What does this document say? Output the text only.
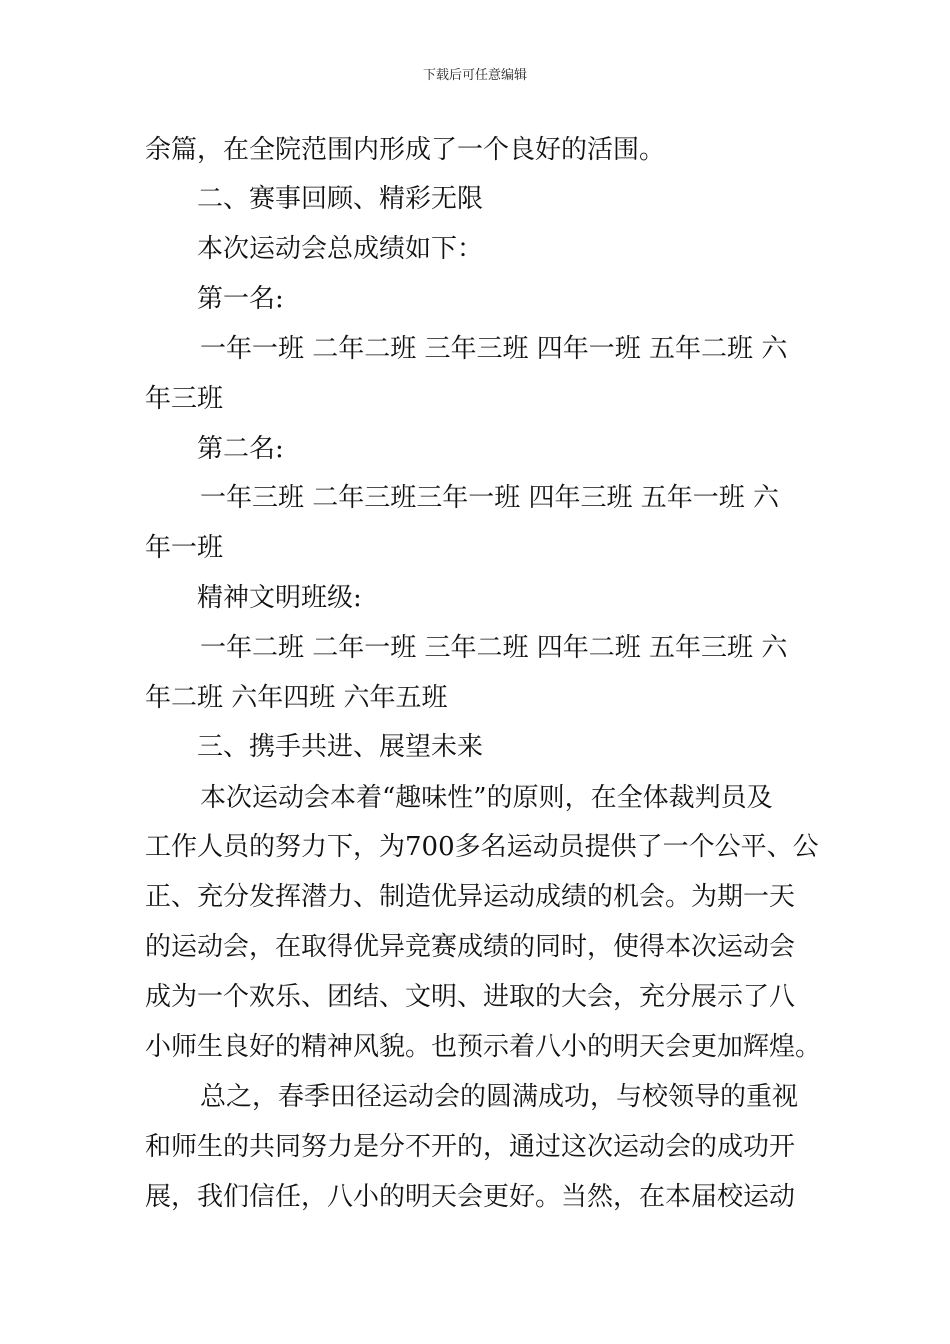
下载后可任意编辑
余篇，在全院范围内形成了一个良好的活围。
二、赛事回顾、精彩无限
本次运动会总成绩如下：
第一名:
一年一班 二年二班 三年三班 四年一班 五年二班 六
年三班
第二名:
一年三班 二年三班三年一班 四年三班 五年一班 六
年一班
精神文明班级:
一年二班 二年一班 三年二班 四年二班 五年三班 六
年二班 六年四班 六年五班
三、携手共进、展望未来
本次运动会本着“趣味性”的原则，在全体裁判员及
工作人员的努力下，为700多名运动员提供了一个公平、公
正、充分发挥潜力、制造优异运动成绩的机会。为期一天
的运动会，在取得优异竞赛成绩的同时，使得本次运动会
成为一个欢乐、团结、文明、进取的大会，充分展示了八
小师生良好的精神风貌。也预示着八小的明天会更加辉煌。
总之，春季田径运动会的圆满成功，与校领导的重视
和师生的共同努力是分不开的，通过这次运动会的成功开
展，我们信任，八小的明天会更好。当然，在本届校运动
